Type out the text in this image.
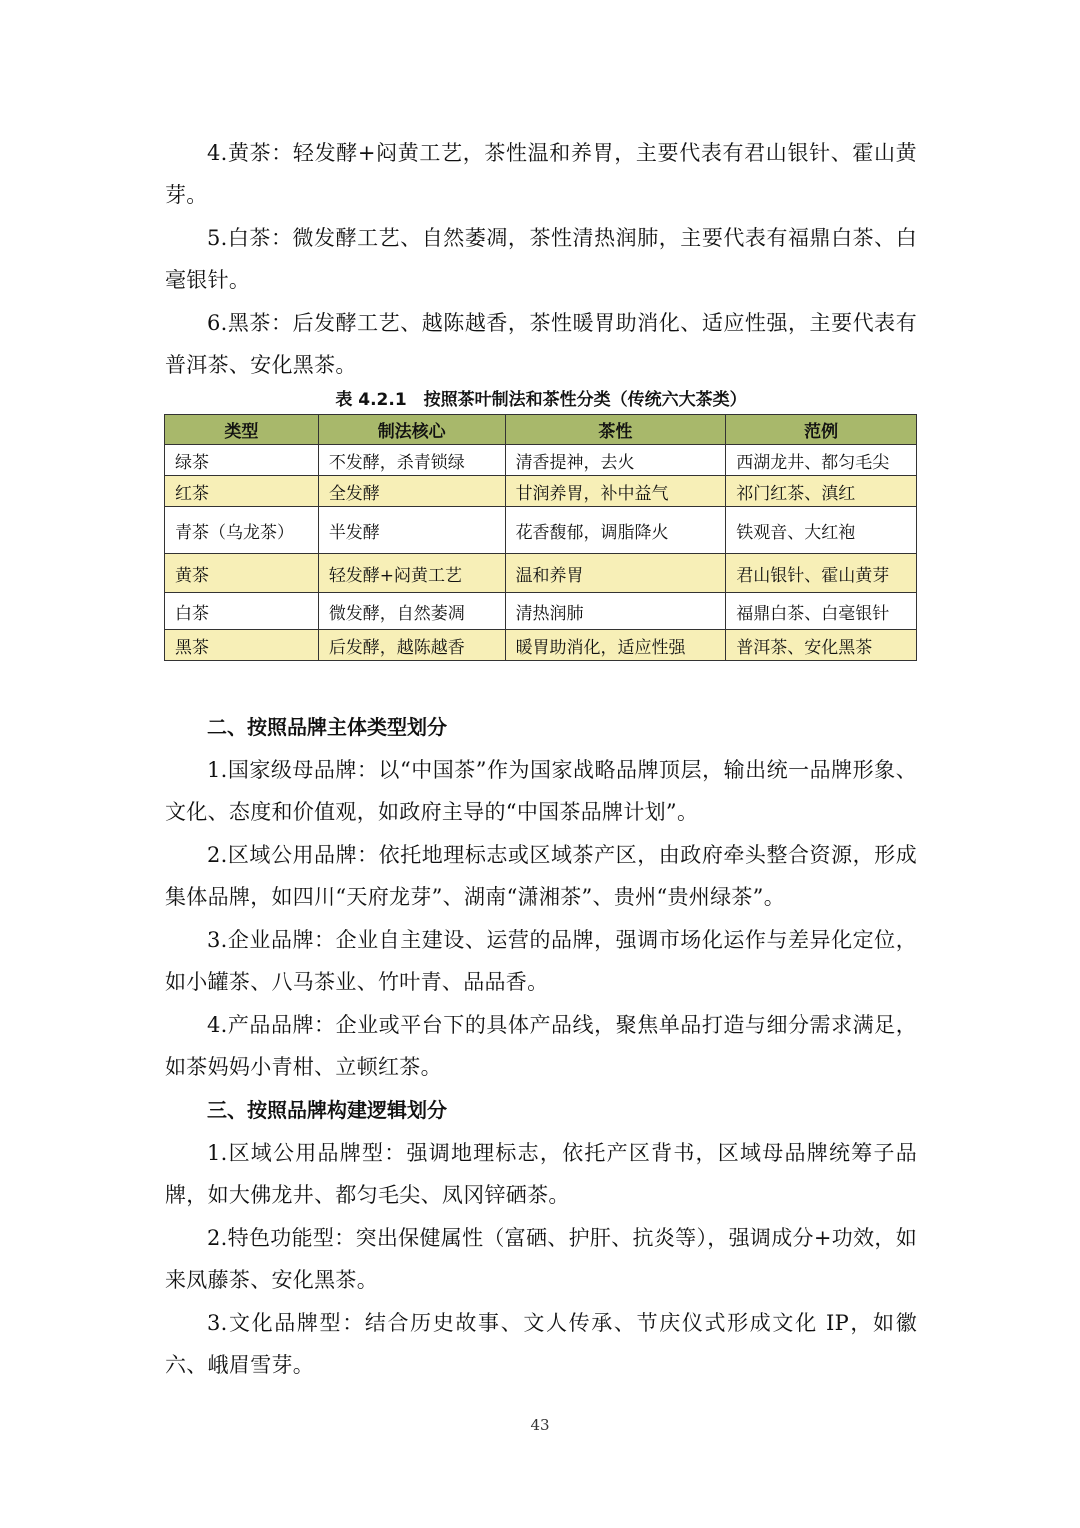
4.黄茶：轻发酵+闷黄工艺，茶性温和养胃，主要代表有君山银针、霍山黄芽。

5.白茶：微发酵工艺、自然萎凋，茶性清热润肺，主要代表有福鼎白茶、白毫银针。

6.黑茶：后发酵工艺、越陈越香，茶性暖胃助消化、适应性强，主要代表有普洱茶、安化黑茶。

表 4.2.1　按照茶叶制法和茶性分类（传统六大茶类）
类型	制法核心	茶性	范例
绿茶	不发酵，杀青锁绿	清香提神，去火	西湖龙井、都匀毛尖
红茶	全发酵	甘润养胃，补中益气	祁门红茶、滇红
青茶（乌龙茶）	半发酵	花香馥郁，调脂降火	铁观音、大红袍
黄茶	轻发酵+闷黄工艺	温和养胃	君山银针、霍山黄芽
白茶	微发酵，自然萎凋	清热润肺	福鼎白茶、白毫银针
黑茶	后发酵，越陈越香	暖胃助消化，适应性强	普洱茶、安化黑茶
二、按照品牌主体类型划分

1.国家级母品牌：以“中国茶”作为国家战略品牌顶层，输出统一品牌形象、文化、态度和价值观，如政府主导的“中国茶品牌计划”。

2.区域公用品牌：依托地理标志或区域茶产区，由政府牵头整合资源，形成集体品牌，如四川“天府龙芽”、湖南“潇湘茶”、贵州“贵州绿茶”。

3.企业品牌：企业自主建设、运营的品牌，强调市场化运作与差异化定位，如小罐茶、八马茶业、竹叶青、品品香。

4.产品品牌：企业或平台下的具体产品线，聚焦单品打造与细分需求满足，如茶妈妈小青柑、立顿红茶。

三、按照品牌构建逻辑划分

1.区域公用品牌型：强调地理标志，依托产区背书，区域母品牌统筹子品牌，如大佛龙井、都匀毛尖、凤冈锌硒茶。

2.特色功能型：突出保健属性（富硒、护肝、抗炎等），强调成分+功效，如来凤藤茶、安化黑茶。

3.文化品牌型：结合历史故事、文人传承、节庆仪式形成文化 IP，如徽六、峨眉雪芽。

43
